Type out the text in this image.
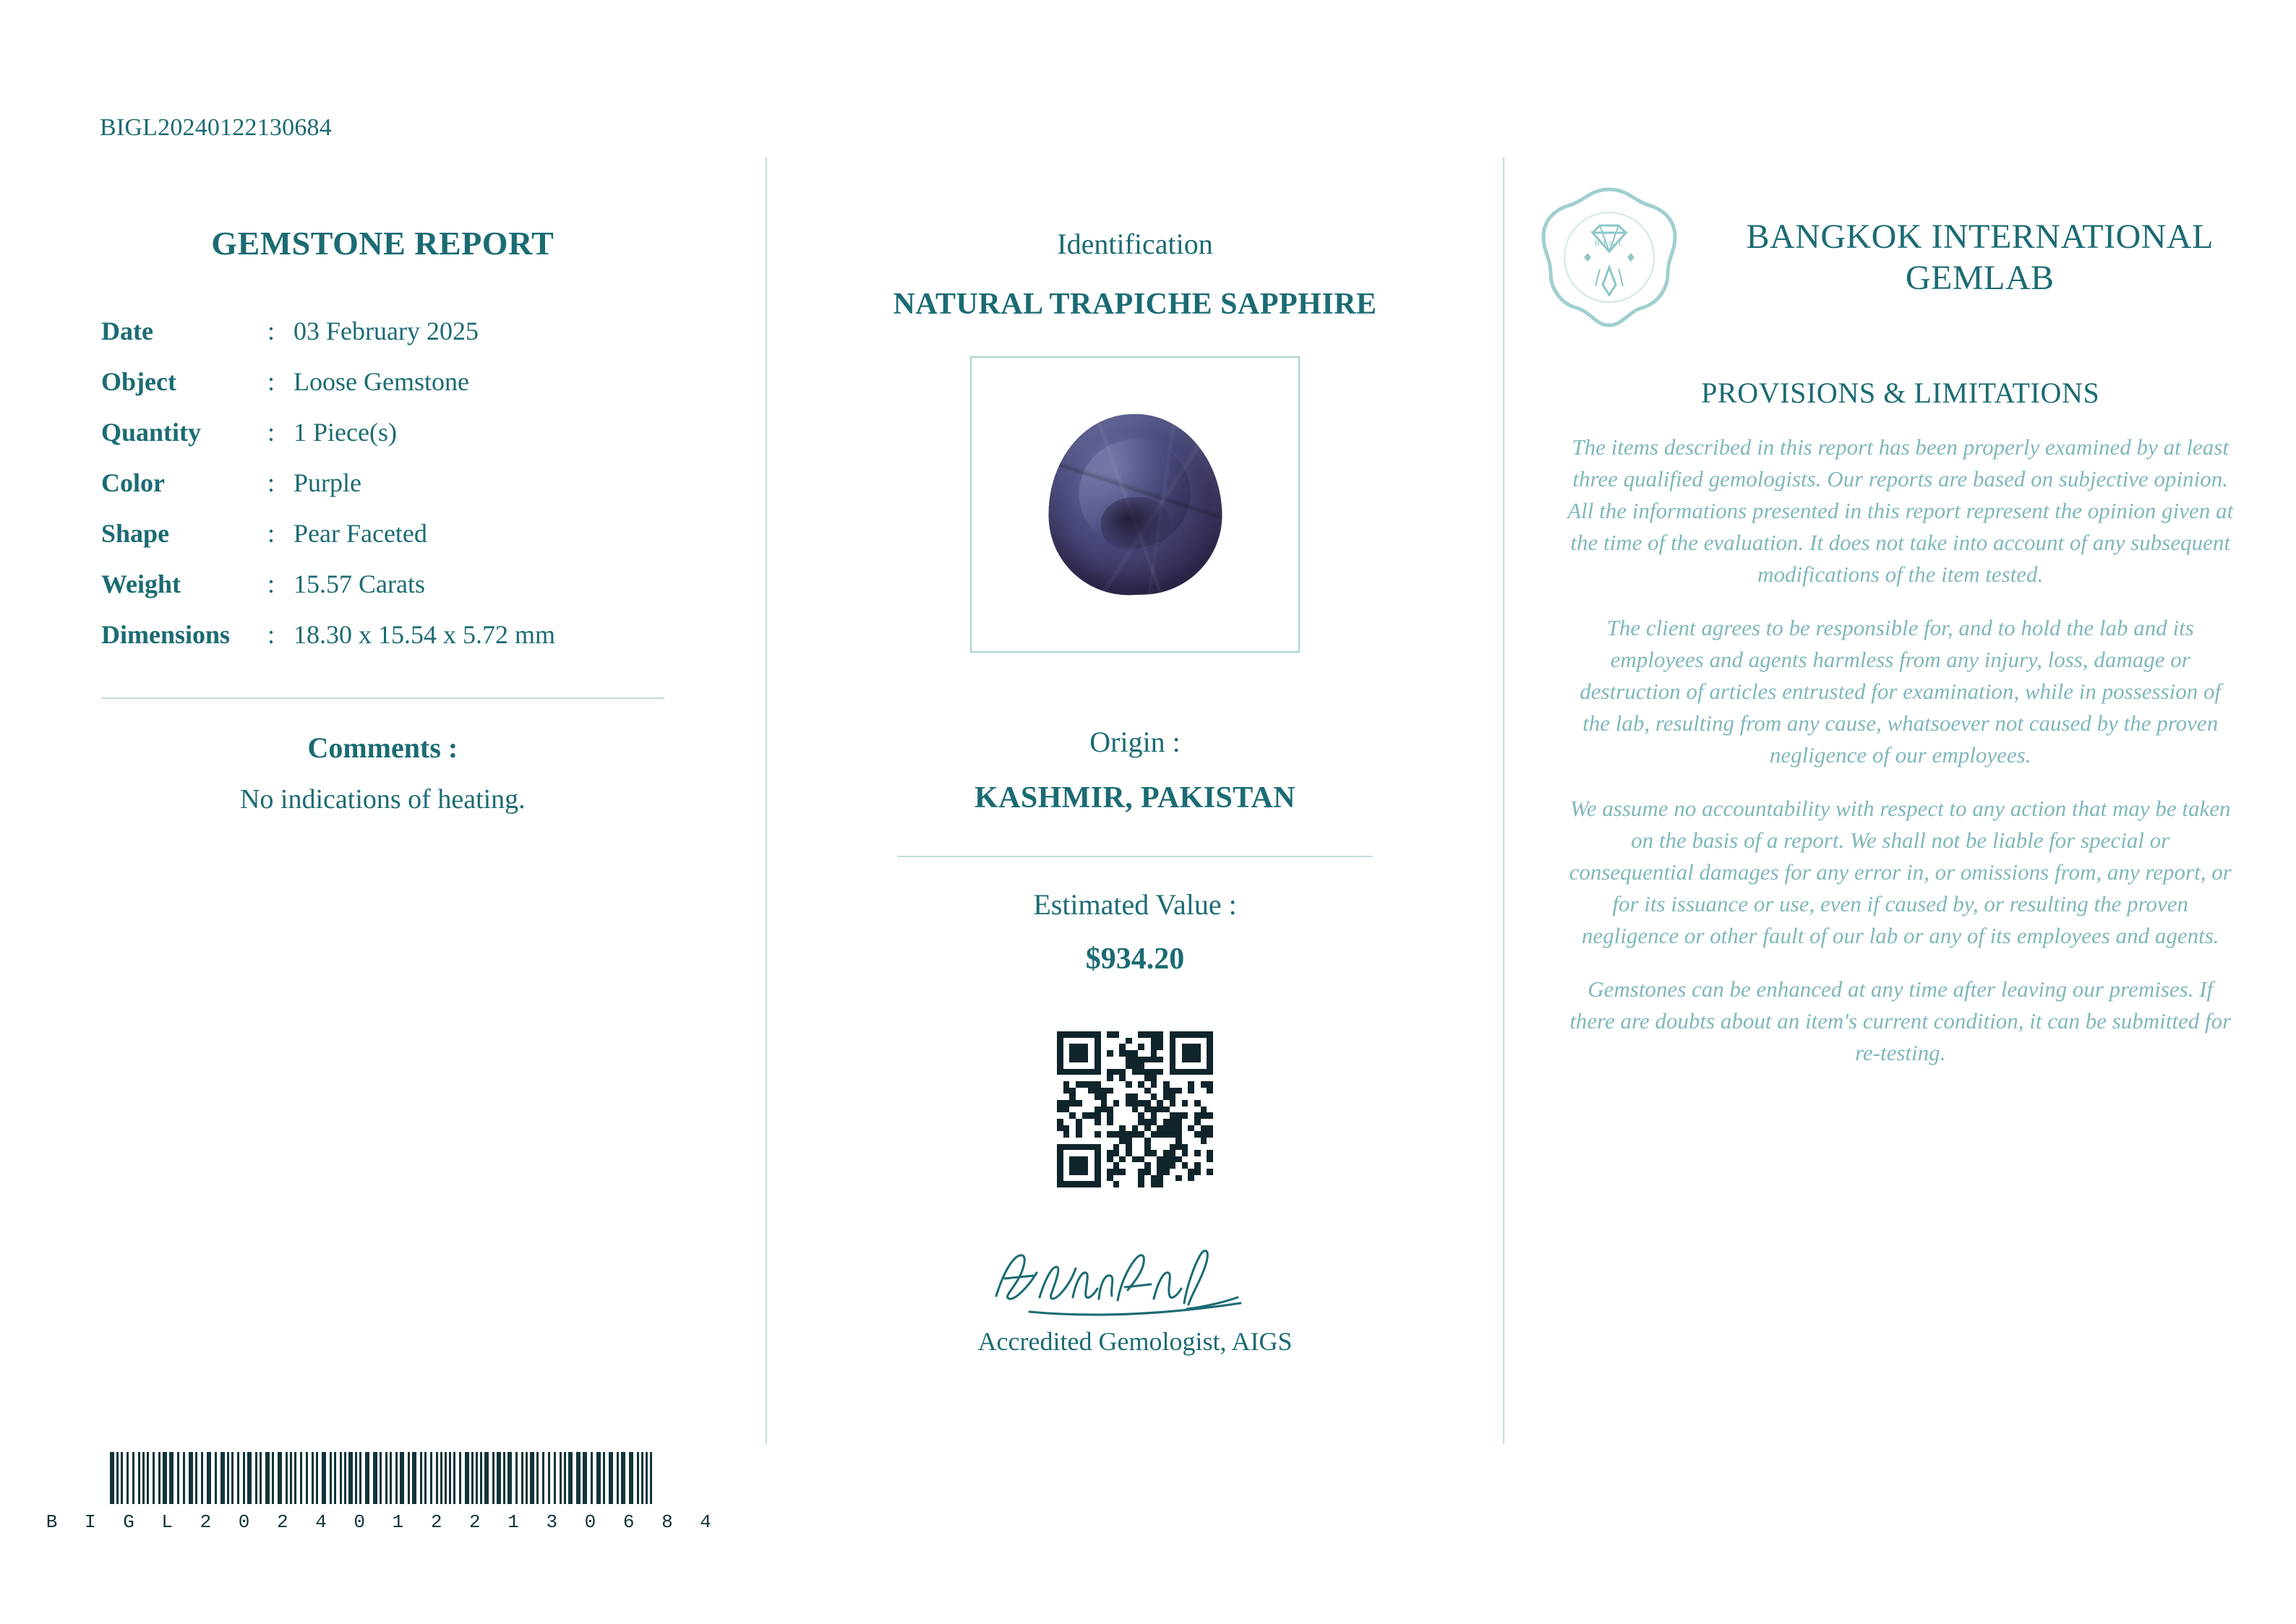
BIGL20240122130684
GEMSTONE REPORT
Date	: 03 February 2025
Object	: Loose Gemstone
Quantity	: 1 Piece(s)
Color	: Purple
Shape	: Pear Faceted
Weight	: 15.57 Carats
Dimensions	: 18.30 x 15.54 x 5.72 mm
Comments :
No indications of heating.
B I G L 2 0 2 4 0 1 2 2 1 3 0 6 8 4
Identification
NATURAL TRAPICHE SAPPHIRE
Origin :
KASHMIR, PAKISTAN
Estimated Value :
$934.20
Accredited Gemologist, AIGS
B I G L	BANGKOK INTERNATIONAL GEMLAB
PROVISIONS & LIMITATIONS

The items described in this report has been properly examined by at least three qualified gemologists. Our reports are based on subjective opinion. All the informations presented in this report represent the opinion given at the time of the evaluation. It does not take into account of any subsequent modifications of the item tested.

The client agrees to be responsible for, and to hold the lab and its employees and agents harmless from any injury, loss, damage or destruction of articles entrusted for examination, while in possession of the lab, resulting from any cause, whatsoever not caused by the proven negligence of our employees.

We assume no accountability with respect to any action that may be taken on the basis of a report. We shall not be liable for special or consequential damages for any error in, or omissions from, any report, or for its issuance or use, even if caused by, or resulting the proven negligence or other fault of our lab or any of its employees and agents.

Gemstones can be enhanced at any time after leaving our premises. If there are doubts about an item's current condition, it can be submitted for re-testing.
